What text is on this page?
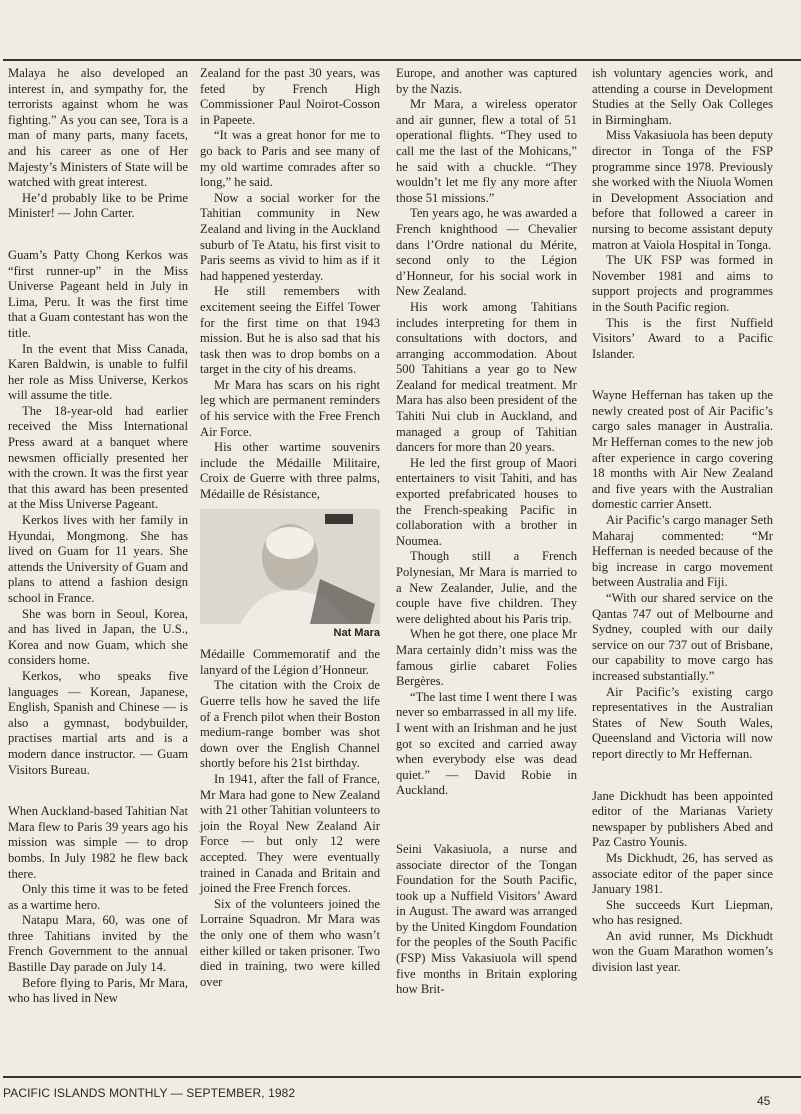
Malaya he also developed an interest in, and sympathy for, the terrorists against whom he was fighting.” As you can see, Tora is a man of many parts, many facets, and his career as one of Her Majesty’s Ministers of State will be watched with great interest.

He’d probably like to be Prime Minister! — John Carter.

Guam’s Patty Chong Kerkos was “first runner-up” in the Miss Universe Pageant held in July in Lima, Peru. It was the first time that a Guam contestant has won the title.

In the event that Miss Canada, Karen Baldwin, is unable to fulfil her role as Miss Universe, Kerkos will assume the title.

The 18-year-old had earlier received the Miss International Press award at a banquet where newsmen officially presented her with the crown. It was the first year that this award has been presented at the Miss Universe Pageant.

Kerkos lives with her family in Hyundai, Mongmong. She has lived on Guam for 11 years. She attends the University of Guam and plans to attend a fashion design school in France.

She was born in Seoul, Korea, and has lived in Japan, the U.S., Korea and now Guam, which she considers home.

Kerkos, who speaks five languages — Korean, Japanese, English, Spanish and Chinese — is also a gymnast, bodybuilder, practises martial arts and is a modern dance instructor. — Guam Visitors Bureau.

When Auckland-based Tahitian Nat Mara flew to Paris 39 years ago his mission was simple — to drop bombs. In July 1982 he flew back there.

Only this time it was to be feted as a wartime hero.

Natapu Mara, 60, was one of three Tahitians invited by the French Government to the annual Bastille Day parade on July 14.

Before flying to Paris, Mr Mara, who has lived in New

Zealand for the past 30 years, was feted by French High Commissioner Paul Noirot-Cosson in Papeete.

“It was a great honor for me to go back to Paris and see many of my old wartime comrades after so long,” he said.

Now a social worker for the Tahitian community in New Zealand and living in the Auckland suburb of Te Atatu, his first visit to Paris seems as vivid to him as if it had happened yesterday.

He still remembers with excitement seeing the Eiffel Tower for the first time on that 1943 mission. But he is also sad that his task then was to drop bombs on a target in the city of his dreams.

Mr Mara has scars on his right leg which are permanent reminders of his service with the Free French Air Force.

His other wartime souvenirs include the Médaille Militaire, Croix de Guerre with three palms, Médaille de Résistance,

Nat Mara

Médaille Commemoratif and the lanyard of the Légion d’Honneur.

The citation with the Croix de Guerre tells how he saved the life of a French pilot when their Boston medium-range bomber was shot down over the English Channel shortly before his 21st birthday.

In 1941, after the fall of France, Mr Mara had gone to New Zealand with 21 other Tahitian volunteers to join the Royal New Zealand Air Force — but only 12 were accepted. They were eventually trained in Canada and Britain and joined the Free French forces.

Six of the volunteers joined the Lorraine Squadron. Mr Mara was the only one of them who wasn’t either killed or taken prisoner. Two died in training, two were killed over

Europe, and another was captured by the Nazis.

Mr Mara, a wireless operator and air gunner, flew a total of 51 operational flights. “They used to call me the last of the Mohicans,” he said with a chuckle. “They wouldn’t let me fly any more after those 51 missions.”

Ten years ago, he was awarded a French knighthood — Chevalier dans l’Ordre national du Mérite, second only to the Légion d’Honneur, for his social work in New Zealand.

His work among Tahitians includes interpreting for them in consultations with doctors, and arranging accommodation. About 500 Tahitians a year go to New Zealand for medical treatment. Mr Mara has also been president of the Tahiti Nui club in Auckland, and managed a group of Tahitian dancers for more than 20 years.

He led the first group of Maori entertainers to visit Tahiti, and has exported prefabricated houses to the French-speaking Pacific in collaboration with a brother in Noumea.

Though still a French Polynesian, Mr Mara is married to a New Zealander, Julie, and the couple have five children. They were delighted about his Paris trip.

When he got there, one place Mr Mara certainly didn’t miss was the famous girlie cabaret Folies Bergères.

“The last time I went there I was never so embarrassed in all my life. I went with an Irishman and he just got so excited and carried away when everybody else was dead quiet.” — David Robie in Auckland.

Seini Vakasiuola, a nurse and associate director of the Tongan Foundation for the South Pacific, took up a Nuffield Visitors’ Award in August. The award was arranged by the United Kingdom Foundation for the peoples of the South Pacific (FSP) Miss Vakasiuola will spend five months in Britain exploring how Brit-

ish voluntary agencies work, and attending a course in Development Studies at the Selly Oak Colleges in Birmingham.

Miss Vakasiuola has been deputy director in Tonga of the FSP programme since 1978. Previously she worked with the Niuola Women in Development Association and before that followed a career in nursing to become assistant deputy matron at Vaiola Hospital in Tonga.

The UK FSP was formed in November 1981 and aims to support projects and programmes in the South Pacific region.

This is the first Nuffield Visitors’ Award to a Pacific Islander.

Wayne Heffernan has taken up the newly created post of Air Pacific’s cargo sales manager in Australia. Mr Heffernan comes to the new job after experience in cargo covering 18 months with Air New Zealand and five years with the Australian domestic carrier Ansett.

Air Pacific’s cargo manager Seth Maharaj commented: “Mr Heffernan is needed because of the big increase in cargo movement between Australia and Fiji.

“With our shared service on the Qantas 747 out of Melbourne and Sydney, coupled with our daily service on our 737 out of Brisbane, our capability to move cargo has increased substantially.”

Air Pacific’s existing cargo representatives in the Australian States of New South Wales, Queensland and Victoria will now report directly to Mr Heffernan.

Jane Dickhudt has been appointed editor of the Marianas Variety newspaper by publishers Abed and Paz Castro Younis.

Ms Dickhudt, 26, has served as associate editor of the paper since January 1981.

She succeeds Kurt Liepman, who has resigned.

An avid runner, Ms Dickhudt won the Guam Marathon women’s division last year.

PACIFIC ISLANDS MONTHLY — SEPTEMBER, 1982
45
